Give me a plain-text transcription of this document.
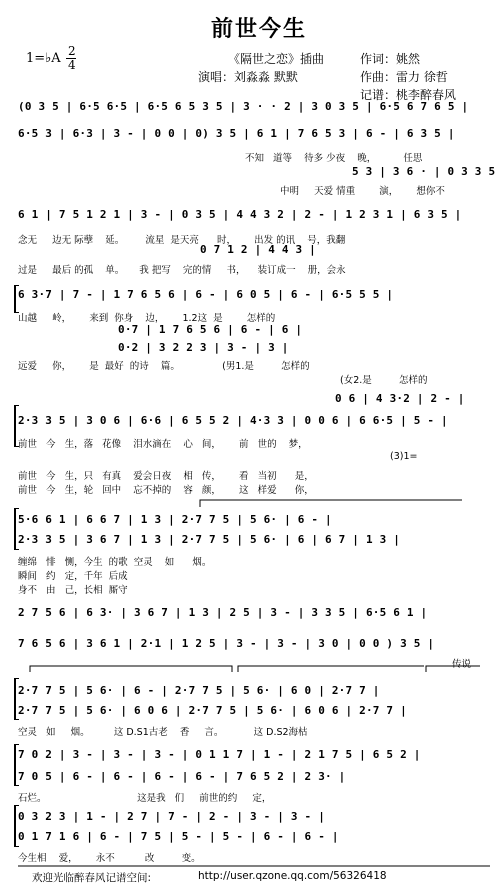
前世今生
1=♭A 2
4	《隔世之恋》插曲
演唱：刘淼淼 默默
作词：姚然
作曲：雷力 徐哲
记谱：桃李醉春风
(0 3 5 | 6·5 6·5 | 6·5 6 5 3 5 | 3 · · 2 | 3 0 3 5 | 6·5 6 7 6 5 |
6·5 3 | 6·3 | 3 - | 0 0 | 0) 3 5 | 6 1 | 7 6 5 3 | 6 - | 6 3 5 |
不知   道等    待多 少夜    晚，         任思
5 3 | 3 6 · | 0 3 3 5
中明     天爱 情重        演，      想你不
6 1 | 7 5 1 2 1 | 3 - | 0 3 5 | 4 4 3 2 | 2 - | 1 2 3 1 | 6 3 5 |
念无     边无 际孽    延。       流星  是天亮      时，      出发 的讯    号，我翻
0 7 1 2 | 4 4 3 |
过是     最后 的孤    单。     我 把写    完的情     书，    装订成一    册，会永
6 3·7 | 7 - | 1 7 6 5 6 | 6 - | 6 0 5 | 6 - | 6·5 5 5 |
山越     岭，      来到  你身    边，      1.2这  是        怎样的
0·7 | 1 7 6 5 6 | 6 - | 6 |
0·2 | 3 2 2 3 | 3 - | 3 |
远爱     你，      是  最好  的诗    篇。              (男1.是         怎样的
(女2.是         怎样的
0 6 | 4 3·2 | 2 - |
2·3 3 5 | 3 0 6 | 6·6 | 6 5 5 2 | 4·3 3 | 0 0 6 | 6 6·5 | 5 - |
前世   今   生，落   花像    泪水滴在    心   间，      前   世的    梦，
(3)1=
前世   今   生，只   有真    爱会日夜    相   传，      看   当初      是，
前世   今   生，轮   回中    忘不掉的    容   颜，      这   样爱      你，
5·6 6 1 | 6 6 7 | 1 3 | 2·7 7 5 | 5 6· | 6 - |
2·3 3 5 | 3 6 7 | 1 3 | 2·7 7 5 | 5 6· | 6 | 6 7 | 1 3 |
缠绵   悱   恻，今生  的歌  空灵    如      烟。
瞬间   约   定，千年  后成
身不   由   己，长相  厮守
2 7 5 6 | 6 3· | 3 6 7 | 1 3 | 2 5 | 3 - | 3 3 5 | 6·5 6 1 |
7 6 5 6 | 3 6 1 | 2·1 | 1 2 5 | 3 - | 3 - | 3 0 | 0 0 ) 3 5 |
传说
2·7 7 5 | 5 6· | 6 - | 2·7 7 5 | 5 6· | 6 0 | 2·7 7 |
2·7 7 5 | 5 6· | 6 0 6 | 2·7 7 5 | 5 6· | 6 0 6 | 2·7 7 |
空灵   如     烟。        这 D.S1古老    香     言。          这 D.S2海枯
7 0 2 | 3 - | 3 - | 3 - | 0 1 1 7 | 1 - | 2 1 7 5 | 6 5 2 |
7 0 5 | 6 - | 6 - | 6 - | 6 - | 7 6 5 2 | 2 3· |
石烂。                              这是我   们     前世的约     定，
0 3 2 3 | 1 - | 2 7 | 7 - | 2 - | 3 - | 3 - |
0 1 7 1 6 | 6 - | 7 5 | 5 - | 5 - | 6 - | 6 - |
今生相    爱，      永不          改         变。
欢迎光临醉春风记谱空间:	http://user.qzone.qq.com/56326418
